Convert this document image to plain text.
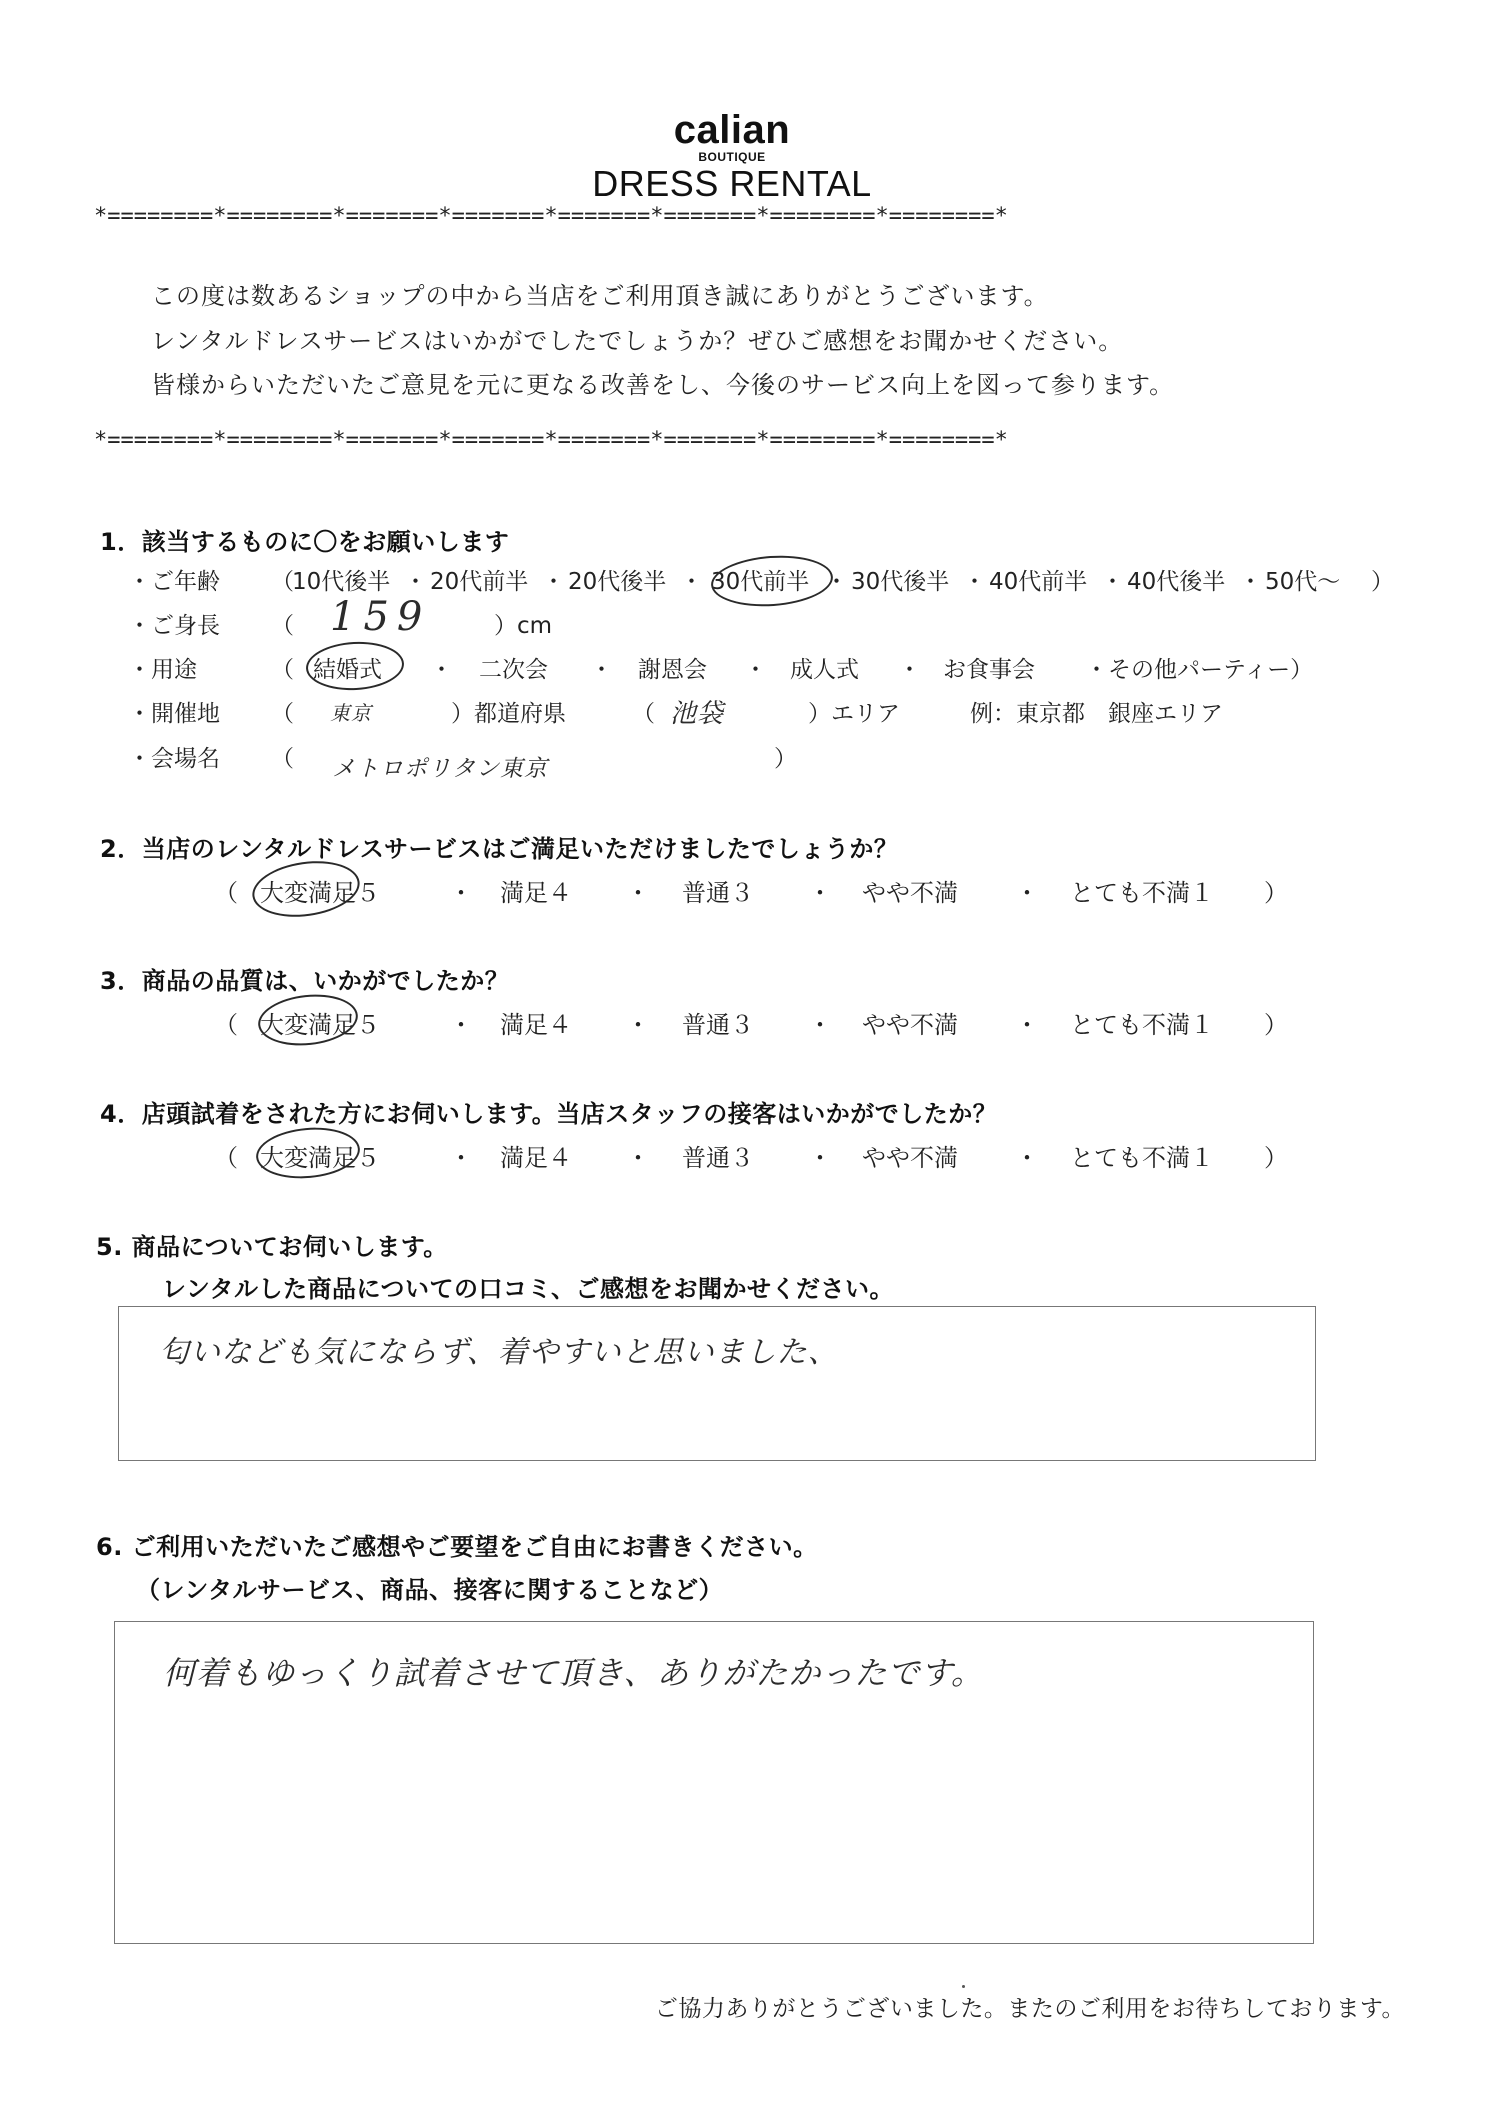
calian
BOUTIQUE
DRESS RENTAL
*========*========*=======*=======*=======*=======*========*========*
この度は数あるショップの中から当店をご利用頂き誠にありがとうございます。
レンタルドレスサービスはいかがでしたでしょうか？ぜひご感想をお聞かせください。
皆様からいただいたご意見を元に更なる改善をし、今後のサービス向上を図って参ります。
*========*========*=======*=======*=======*=======*========*========*
1．該当するものに〇をお願いします
・ご年齢 （
10代後半 ・ 20代前半 ・ 20代後半 ・ 30代前半 ・ 30代後半 ・ 40代前半 ・ 40代後半 ・ 50代～ ）
・ご身長 （ 159	）cm
・用途	（ 結婚式 ・ 二次会 ・ 謝恩会 ・ 成人式 ・ お食事会 ・その他パーティー）
・開催地 （ 東京	）都道府県	（ 池袋	）エリア	例：東京都　銀座エリア
・会場名 （ メトロポリタン東京	）
2．当店のレンタルドレスサービスはご満足いただけましたでしょうか？
（ 大変満足５	・ 満足４ ・ 普通３ ・ やや不満 ・ とても不満１ ）
3．商品の品質は、いかがでしたか？
（ 大変満足５	・ 満足４ ・ 普通３ ・ やや不満 ・ とても不満１ ）
4．店頭試着をされた方にお伺いします。当店スタッフの接客はいかがでしたか？
（ 大変満足５	・ 満足４ ・ 普通３ ・ やや不満 ・ とても不満１ ）
5. 商品についてお伺いします。
レンタルした商品についての口コミ、ご感想をお聞かせください。
匂いなども気にならず、着やすいと思いました、
6. ご利用いただいたご感想やご要望をご自由にお書きください。
（レンタルサービス、商品、接客に関することなど）
何着もゆっくり試着させて頂き、ありがたかったです。
ご協力ありがとうございました。またのご利用をお待ちしております。
